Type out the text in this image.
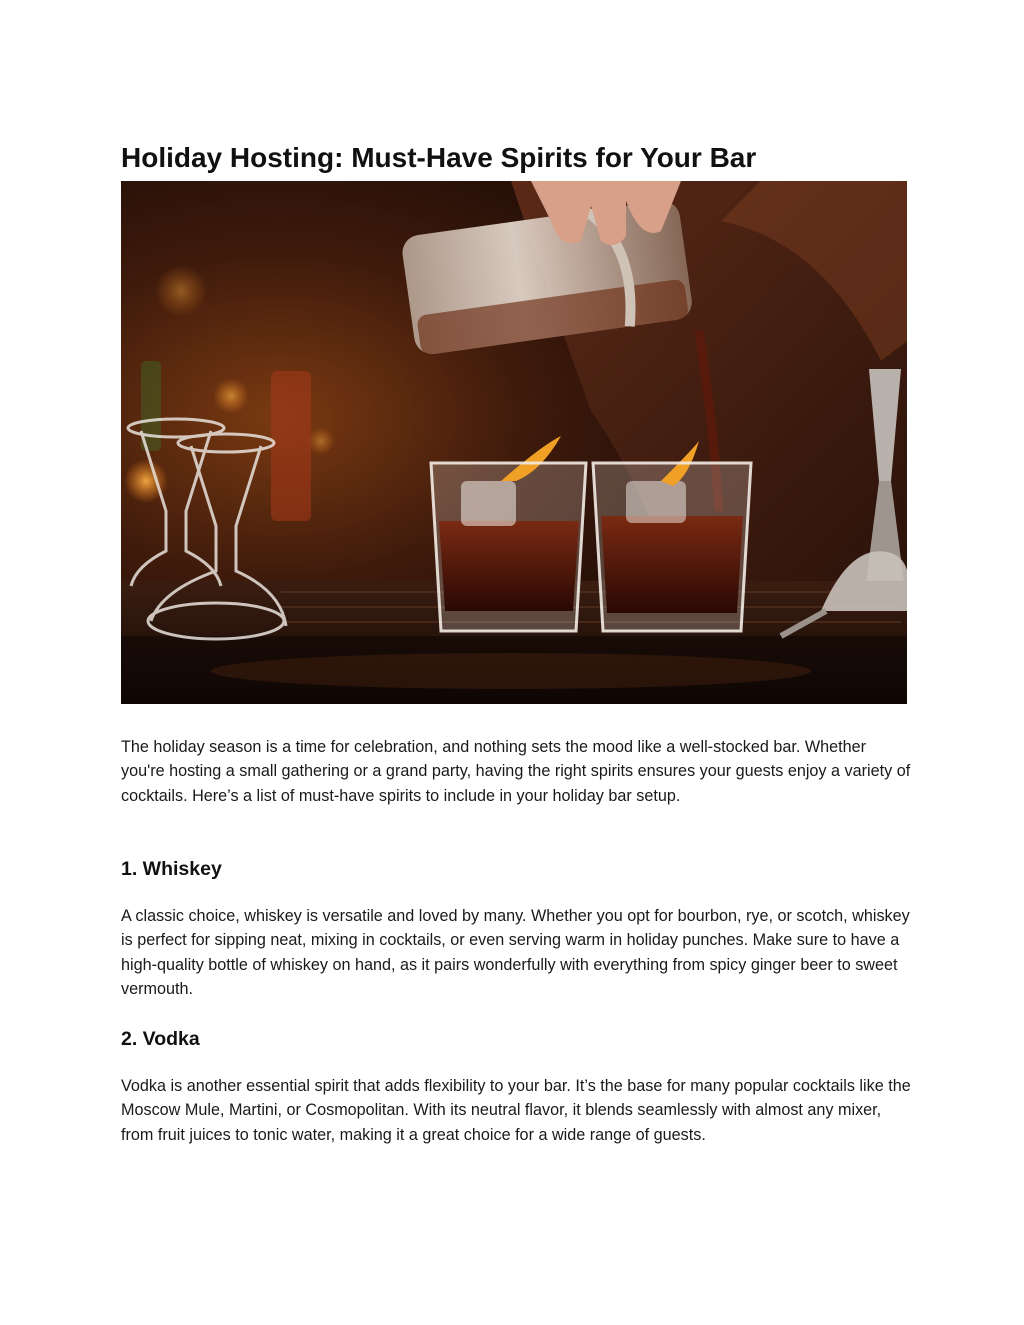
Holiday Hosting: Must-Have Spirits for Your Bar

The holiday season is a time for celebration, and nothing sets the mood like a well-stocked bar. Whether you're hosting a small gathering or a grand party, having the right spirits ensures your guests enjoy a variety of cocktails. Here’s a list of must-have spirits to include in your holiday bar setup.

1. Whiskey

A classic choice, whiskey is versatile and loved by many. Whether you opt for bourbon, rye, or scotch, whiskey is perfect for sipping neat, mixing in cocktails, or even serving warm in holiday punches. Make sure to have a high-quality bottle of whiskey on hand, as it pairs wonderfully with everything from spicy ginger beer to sweet vermouth.

2. Vodka

Vodka is another essential spirit that adds flexibility to your bar. It’s the base for many popular cocktails like the Moscow Mule, Martini, or Cosmopolitan. With its neutral flavor, it blends seamlessly with almost any mixer, from fruit juices to tonic water, making it a great choice for a wide range of guests.
